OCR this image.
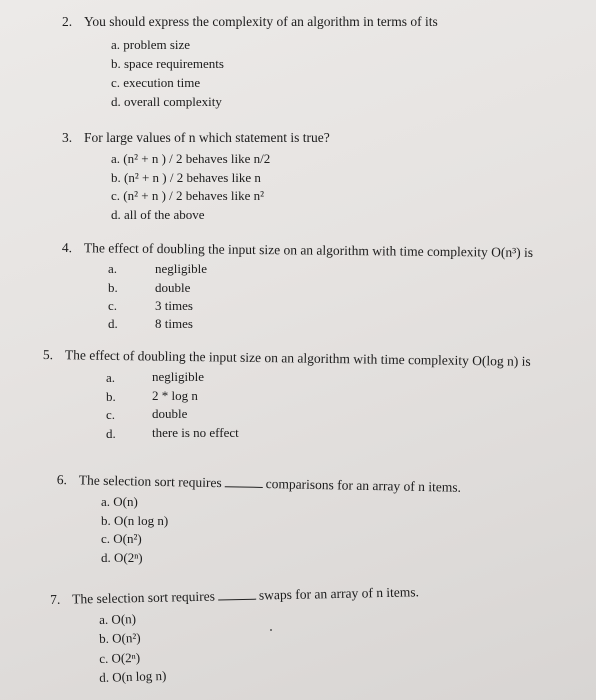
2. You should express the complexity of an algorithm in terms of its
a. problem size
b. space requirements
c. execution time
d. overall complexity
3. For large values of n which statement is true?
a. (n² + n ) / 2 behaves like n/2
b. (n² + n ) / 2 behaves like n
c. (n² + n ) / 2 behaves like n²
d. all of the above
4. The effect of doubling the input size on an algorithm with time complexity O(n³) is
a.	negligible
b.	double
c.	3 times
d.	8 times
5. The effect of doubling the input size on an algorithm with time complexity O(log n) is
a.	negligible
b.	2 * log n
c.	double
d.	there is no effect
6. The selection sort requires	comparisons for an array of n items.
a. O(n)
b. O(n log n)
c. O(n²)
d. O(2ⁿ)
7. The selection sort requires	swaps for an array of n items.
a. O(n)
b. O(n²)
c. O(2ⁿ)
d. O(n log n)
